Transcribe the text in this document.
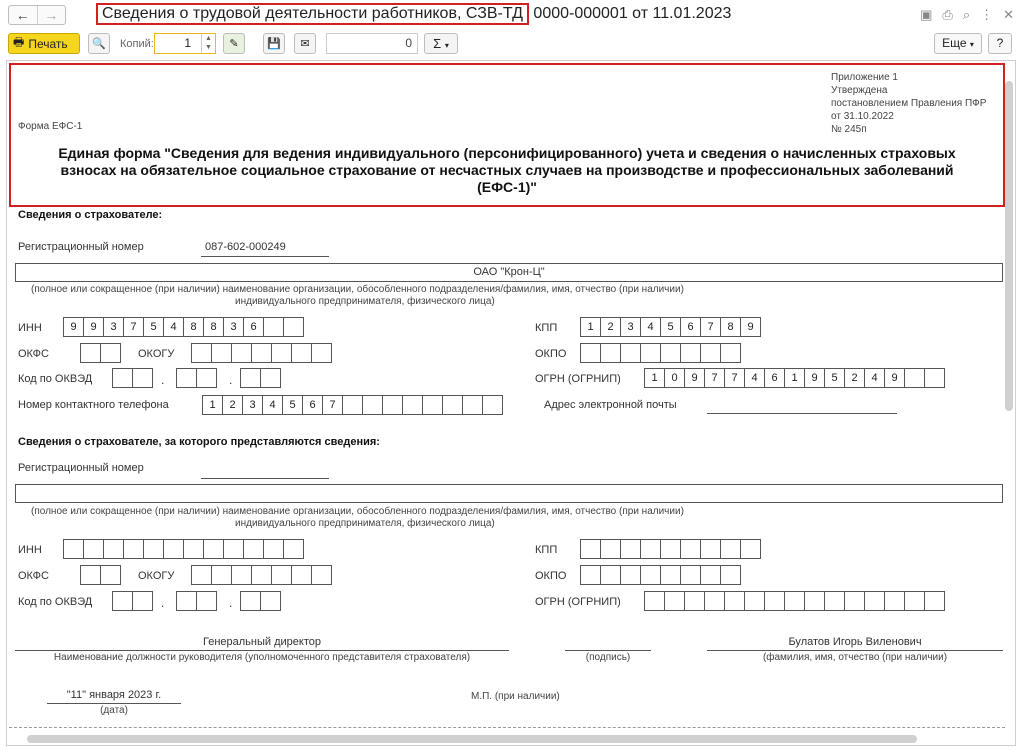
←	→	Сведения о трудовой деятельности работников, СЗВ-ТД 0000-000001 от 11.01.2023	▣ ⎙ ⌕ ⋮ ✕
🖶 Печать 🔍 Копий:	1	▲
▼ ✎	💾 ✉	0	Σ ▾	Еще ▾	?
Приложение 1
Утверждена
постановлением Правления ПФР
от 31.10.2022
№ 245п
Форма ЕФС-1
Единая форма "Сведения для ведения индивидуального (персонифицированного) учета и сведения о начисленных страховых
взносах на обязательное социальное страхование от несчастных случаев на производстве и профессиональных заболеваний
(ЕФС-1)"
Сведения о страхователе:
Регистрационный номер	087-602-000249
ОАО "Крон-Ц"
(полное или сокращенное (при наличии) наименование организации, обособленного подразделения/фамилия, имя, отчество (при наличии)
индивидуального предпринимателя, физического лица)
ИНН	9	9	3	7	5	4	8	8	3	6	КПП	1	2	3	4	5	6	7	8	9
ОКФС	ОКОГУ	ОКПО
Код по ОКВЭД	.	.	ОГРН (ОГРНИП)	1	0	9	7	7	4	6	1	9	5	2	4	9
Номер контактного телефона	1	2	3	4	5	6	7	Адрес электронной почты
Сведения о страхователе, за которого представляются сведения:
Регистрационный номер
(полное или сокращенное (при наличии) наименование организации, обособленного подразделения/фамилия, имя, отчество (при наличии)
индивидуального предпринимателя, физического лица)
ИНН	КПП
ОКФС	ОКОГУ	ОКПО
Код по ОКВЭД	.	.	ОГРН (ОГРНИП)
Генеральный директор
Наименование должности руководителя (уполномоченного представителя страхователя)	(подпись)
Булатов Игорь Виленович
(фамилия, имя, отчество (при наличии)
"11" января 2023 г.
(дата)
М.П. (при наличии)
